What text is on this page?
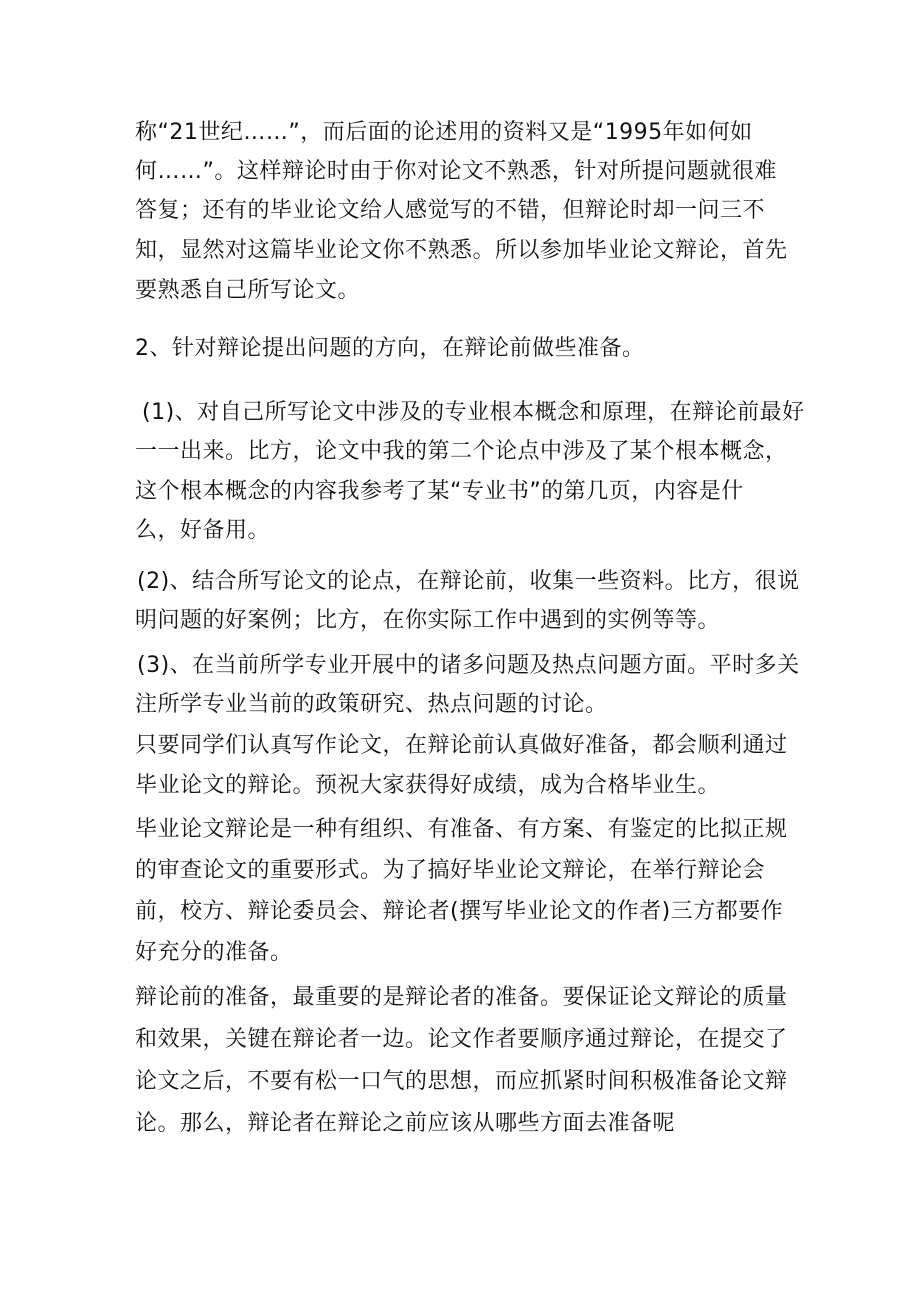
称“21世纪……”，而后面的论述用的资料又是“1995年如何如
何……”。这样辩论时由于你对论文不熟悉，针对所提问题就很难
答复；还有的毕业论文给人感觉写的不错，但辩论时却一问三不
知，显然对这篇毕业论文你不熟悉。所以参加毕业论文辩论，首先
要熟悉自己所写论文。
2、针对辩论提出问题的方向，在辩论前做些准备。
(1)、对自己所写论文中涉及的专业根本概念和原理，在辩论前最好
一一出来。比方，论文中我的第二个论点中涉及了某个根本概念，
这个根本概念的内容我参考了某“专业书”的第几页，内容是什
么，好备用。
(2)、结合所写论文的论点，在辩论前，收集一些资料。比方，很说
明问题的好案例；比方，在你实际工作中遇到的实例等等。
(3)、在当前所学专业开展中的诸多问题及热点问题方面。平时多关
注所学专业当前的政策研究、热点问题的讨论。
只要同学们认真写作论文，在辩论前认真做好准备，都会顺利通过
毕业论文的辩论。预祝大家获得好成绩，成为合格毕业生。
毕业论文辩论是一种有组织、有准备、有方案、有鉴定的比拟正规
的审查论文的重要形式。为了搞好毕业论文辩论，在举行辩论会
前，校方、辩论委员会、辩论者(撰写毕业论文的作者)三方都要作
好充分的准备。
辩论前的准备，最重要的是辩论者的准备。要保证论文辩论的质量
和效果，关键在辩论者一边。论文作者要顺序通过辩论，在提交了
论文之后，不要有松一口气的思想，而应抓紧时间积极准备论文辩
论。那么，辩论者在辩论之前应该从哪些方面去准备呢
